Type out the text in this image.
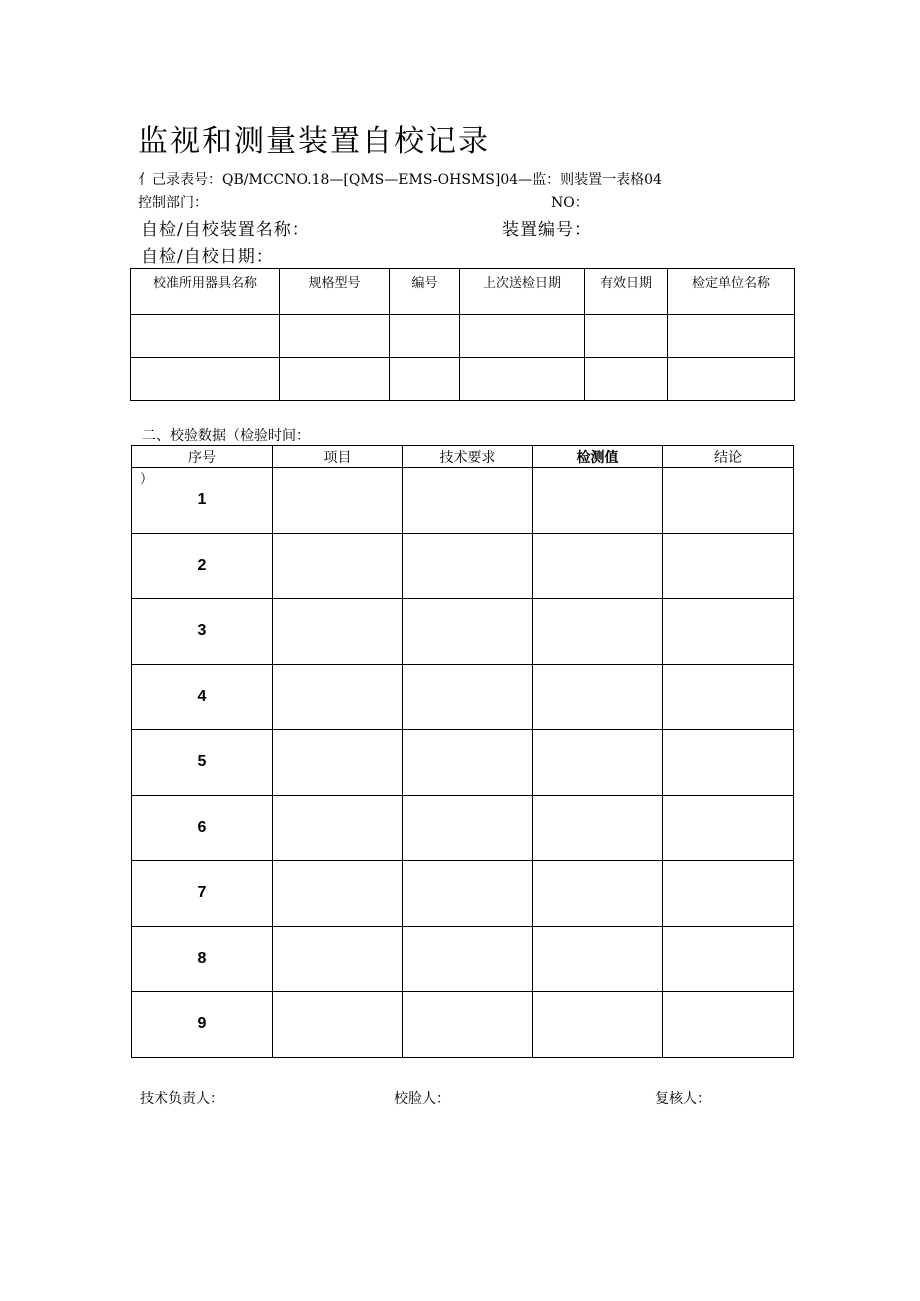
监视和测量装置自校记录
亻己录表号：QB/MCCNO.18—[QMS—EMS-OHSMS]04—监：则装置一表格04
控制部门：	NO：
自检/自校装置名称：	装置编号：
自检/自校日期：
校准所用器具名称	规格型号	编号	上次送检日期	有效日期	检定单位名称

二、校验数据（检验时间：
序号	项目	技术要求	检测值	结论

）
1				
2				
3				
4				
5				
6				
7				
8				
9				
技术负责人：	校脸人：	复核人：
